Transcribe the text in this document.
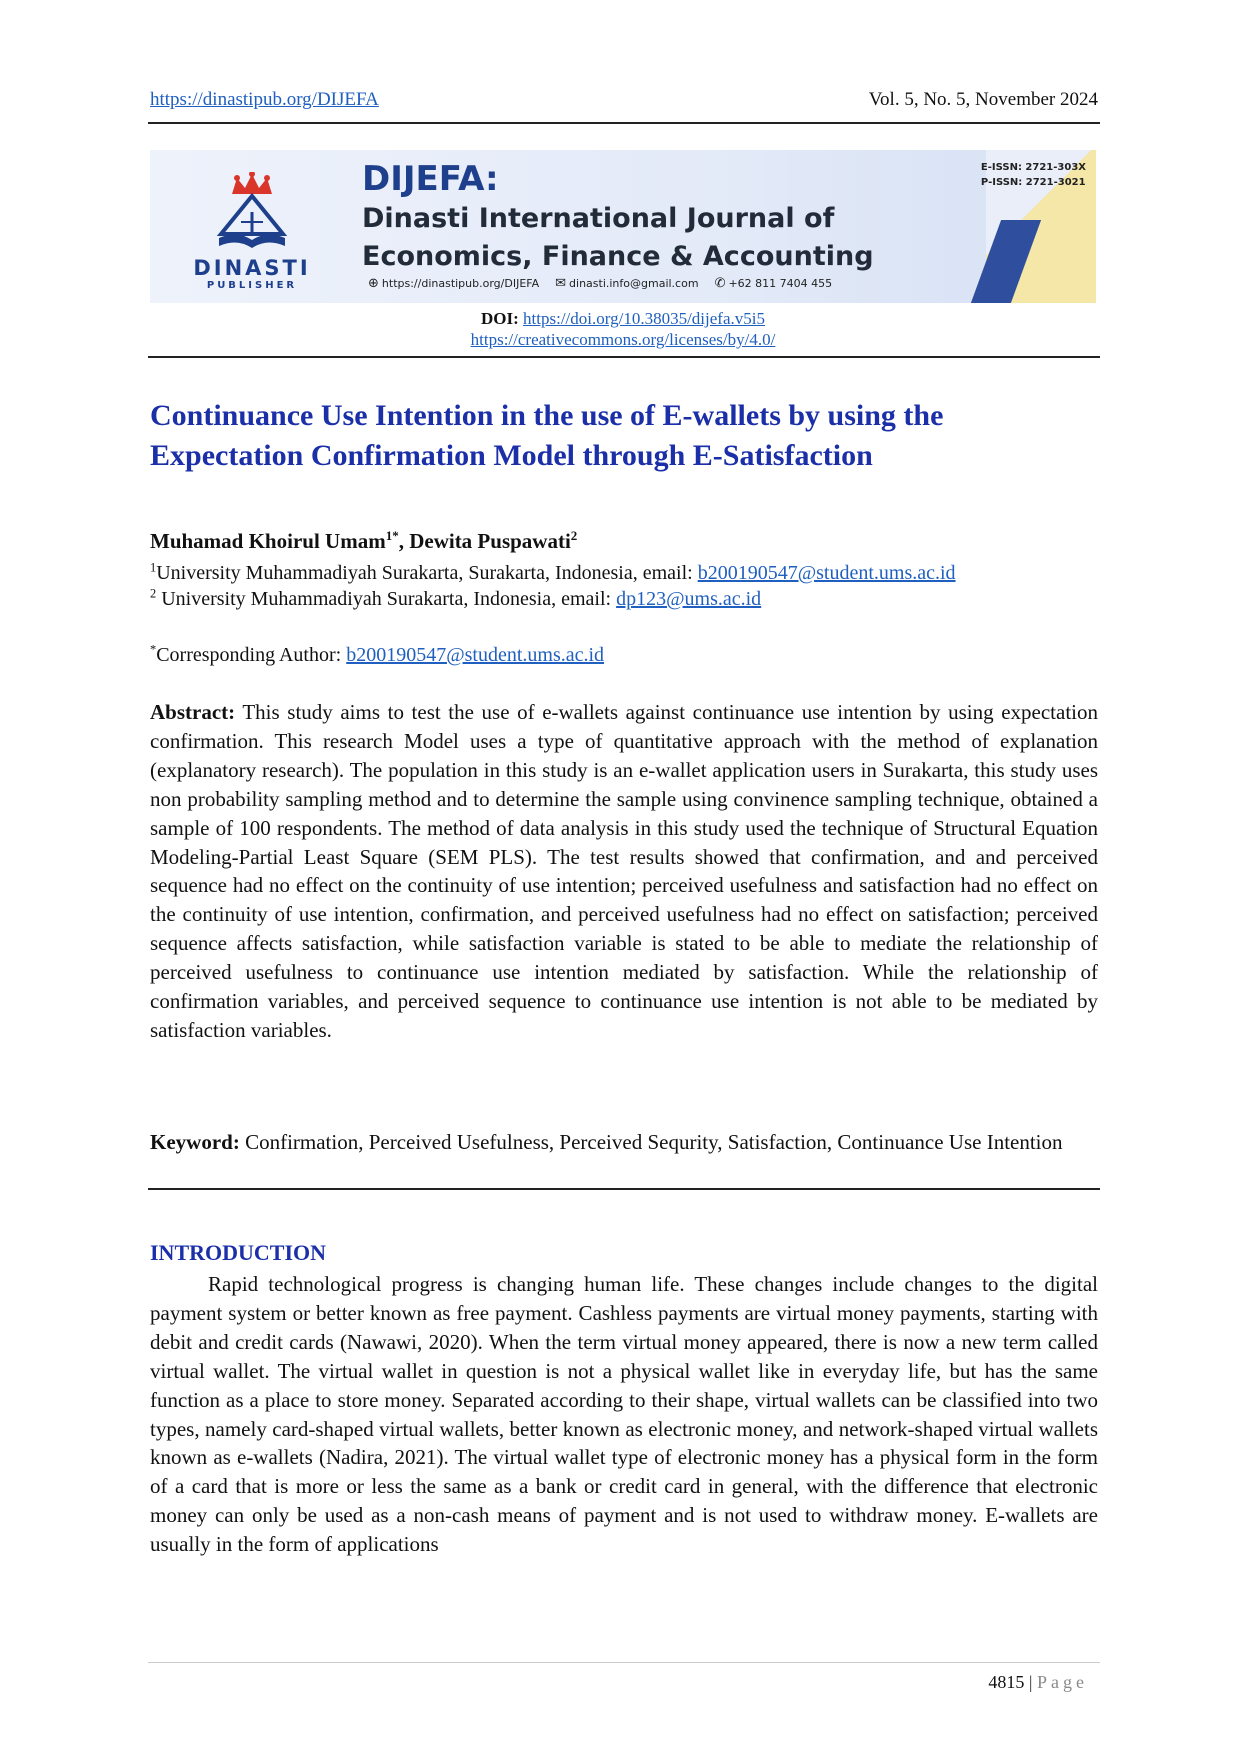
https://dinastipub.org/DIJEFA	Vol. 5, No. 5, November 2024
DINASTI
PUBLISHER
DIJEFA:
Dinasti International Journal of
Economics, Finance & Accounting
⊕ https://dinastipub.org/DIJEFA ✉ dinasti.info@gmail.com ✆ +62 811 7404 455
E-ISSN: 2721-303X
P-ISSN: 2721-3021
DOI: https://doi.org/10.38035/dijefa.v5i5
https://creativecommons.org/licenses/by/4.0/
Continuance Use Intention in the use of E-wallets by using the
Expectation Confirmation Model through E-Satisfaction
Muhamad Khoirul Umam$^{1*}$, Dewita Puspawati$^2$
$^1$University Muhammadiyah Surakarta, Surakarta, Indonesia, email: b200190547@student.ums.ac.id
$^2$ University Muhammadiyah Surakarta, Indonesia, email: dp123@ums.ac.id
*Corresponding Author: b200190547@student.ums.ac.id
Abstract: This study aims to test the use of e-wallets against continuance use intention by using expectation confirmation. This research Model uses a type of quantitative approach with the method of explanation (explanatory research). The population in this study is an e-wallet application users in Surakarta, this study uses non probability sampling method and to determine the sample using convinence sampling technique, obtained a sample of 100 respondents. The method of data analysis in this study used the technique of Structural Equation Modeling-Partial Least Square (SEM PLS). The test results showed that confirmation, and and perceived sequence had no effect on the continuity of use intention; perceived usefulness and satisfaction had no effect on the continuity of use intention, confirmation, and perceived usefulness had no effect on satisfaction; perceived sequence affects satisfaction, while satisfaction variable is stated to be able to mediate the relationship of perceived usefulness to continuance use intention mediated by satisfaction. While the relationship of confirmation variables, and perceived sequence to continuance use intention is not able to be mediated by satisfaction variables.
Keyword: Confirmation, Perceived Usefulness, Perceived Sequrity, Satisfaction, Continuance Use Intention
INTRODUCTION
Rapid technological progress is changing human life. These changes include changes to the digital payment system or better known as free payment. Cashless payments are virtual money payments, starting with debit and credit cards (Nawawi, 2020). When the term virtual money appeared, there is now a new term called virtual wallet. The virtual wallet in question is not a physical wallet like in everyday life, but has the same function as a place to store money. Separated according to their shape, virtual wallets can be classified into two types, namely card-shaped virtual wallets, better known as electronic money, and network-shaped virtual wallets known as e-wallets (Nadira, 2021). The virtual wallet type of electronic money has a physical form in the form of a card that is more or less the same as a bank or credit card in general, with the difference that electronic money can only be used as a non-cash means of payment and is not used to withdraw money. E-wallets are usually in the form of applications
4815 | Page
